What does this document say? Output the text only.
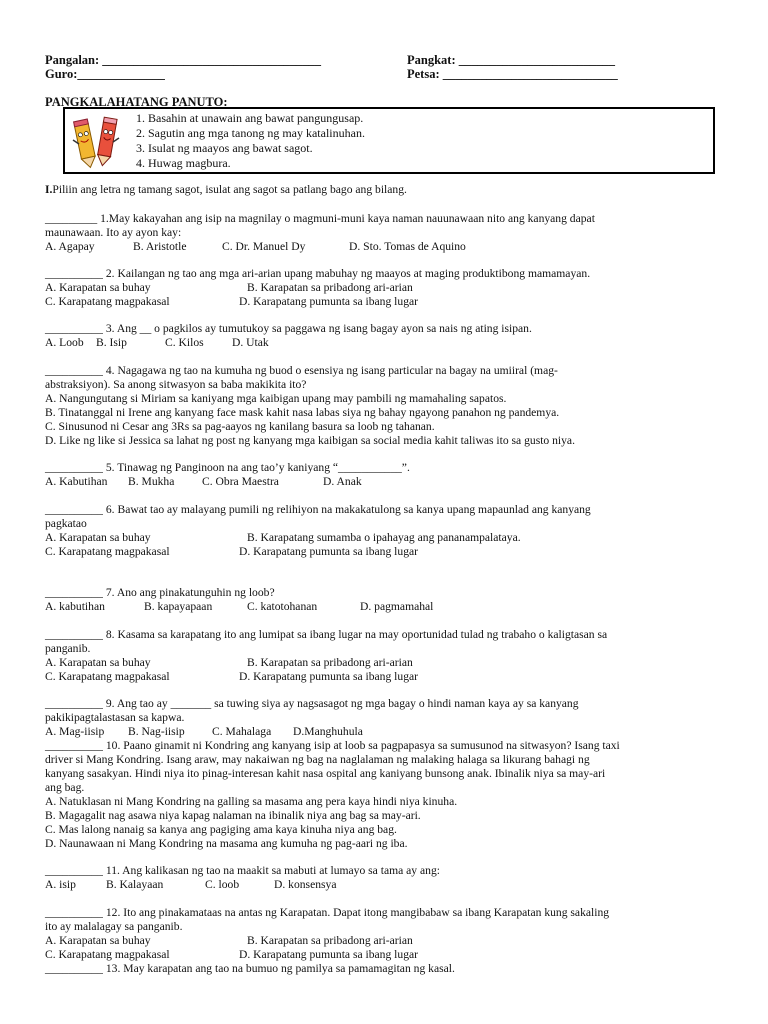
Pangalan: ___________________________________	Pangkat: _________________________
Guro:______________	Petsa: ____________________________
PANGKALAHATANG PANUTO:
1. Basahin at unawain ang bawat pangungusap.
2. Sagutin ang mga tanong ng may katalinuhan.
3. Isulat ng maayos ang bawat sagot.
4. Huwag magbura.
I.Piliin ang letra ng tamang sagot, isulat ang sagot sa patlang bago ang bilang.
_________ 1.May kakayahan ang isip na magnilay o magmuni-muni kaya naman nauunawaan nito ang kanyang dapat
maunawaan. Ito ay ayon kay:
A. Agapay	B. Aristotle	C. Dr. Manuel Dy	D. Sto. Tomas de Aquino
__________ 2. Kailangan ng tao ang mga ari-arian upang mabuhay ng maayos at maging produktibong mamamayan.
A. Karapatan sa buhay	B. Karapatan sa pribadong ari-arian
C. Karapatang magpakasal	D. Karapatang pumunta sa ibang lugar
__________ 3. Ang __ o pagkilos ay tumutukoy sa paggawa ng isang bagay ayon sa nais ng ating isipan.
A. Loob B. Isip	C. Kilos D. Utak
__________ 4. Nagagawa ng tao na kumuha ng buod o esensiya ng isang particular na bagay na umiiral (mag-
abstraksiyon). Sa anong sitwasyon sa baba makikita ito?
A. Nangungutang si Miriam sa kaniyang mga kaibigan upang may pambili ng mamahaling sapatos.
B. Tinatanggal ni Irene ang kanyang face mask kahit nasa labas siya ng bahay ngayong panahon ng pandemya.
C. Sinusunod ni Cesar ang 3Rs sa pag-aayos ng kanilang basura sa loob ng tahanan.
D. Like ng like si Jessica sa lahat ng post ng kanyang mga kaibigan sa social media kahit taliwas ito sa gusto niya.
__________ 5. Tinawag ng Panginoon na ang tao’y kaniyang “___________”.
A. Kabutihan B. Mukha C. Obra Maestra	D. Anak
__________ 6. Bawat tao ay malayang pumili ng relihiyon na makakatulong sa kanya upang mapaunlad ang kanyang
pagkatao
A. Karapatan sa buhay	B. Karapatang sumamba o ipahayag ang pananampalataya.
C. Karapatang magpakasal	D. Karapatang pumunta sa ibang lugar
__________ 7. Ano ang pinakatunguhin ng loob?
A. kabutihan	B. kapayapaan	C. katotohanan	D. pagmamahal
__________ 8. Kasama sa karapatang ito ang lumipat sa ibang lugar na may oportunidad tulad ng trabaho o kaligtasan sa
panganib.
A. Karapatan sa buhay	B. Karapatan sa pribadong ari-arian
C. Karapatang magpakasal	D. Karapatang pumunta sa ibang lugar
__________ 9. Ang tao ay _______ sa tuwing siya ay nagsasagot ng mga bagay o hindi naman kaya ay sa kanyang
pakikipagtalastasan sa kapwa.
A. Mag-iisip B. Nag-iisip C. Mahalaga D.Manghuhula
__________ 10. Paano ginamit ni Kondring ang kanyang isip at loob sa pagpapasya sa sumusunod na sitwasyon? Isang taxi
driver si Mang Kondring. Isang araw, may nakaiwan ng bag na naglalaman ng malaking halaga sa likurang bahagi ng
kanyang sasakyan. Hindi niya ito pinag-interesan kahit nasa ospital ang kaniyang bunsong anak. Ibinalik niya sa may-ari
ang bag.
A. Natuklasan ni Mang Kondring na galling sa masama ang pera kaya hindi niya kinuha.
B. Magagalit nag asawa niya kapag nalaman na ibinalik niya ang bag sa may-ari.
C. Mas lalong nanaig sa kanya ang pagiging ama kaya kinuha niya ang bag.
D. Naunawaan ni Mang Kondring na masama ang kumuha ng pag-aari ng iba.
__________ 11. Ang kalikasan ng tao na maakit sa mabuti at lumayo sa tama ay ang:
A. isip	B. Kalayaan	C. loob	D. konsensya
__________ 12. Ito ang pinakamataas na antas ng Karapatan. Dapat itong mangibabaw sa ibang Karapatan kung sakaling
ito ay malalagay sa panganib.
A. Karapatan sa buhay	B. Karapatan sa pribadong ari-arian
C. Karapatang magpakasal	D. Karapatang pumunta sa ibang lugar
__________ 13. May karapatan ang tao na bumuo ng pamilya sa pamamagitan ng kasal.
